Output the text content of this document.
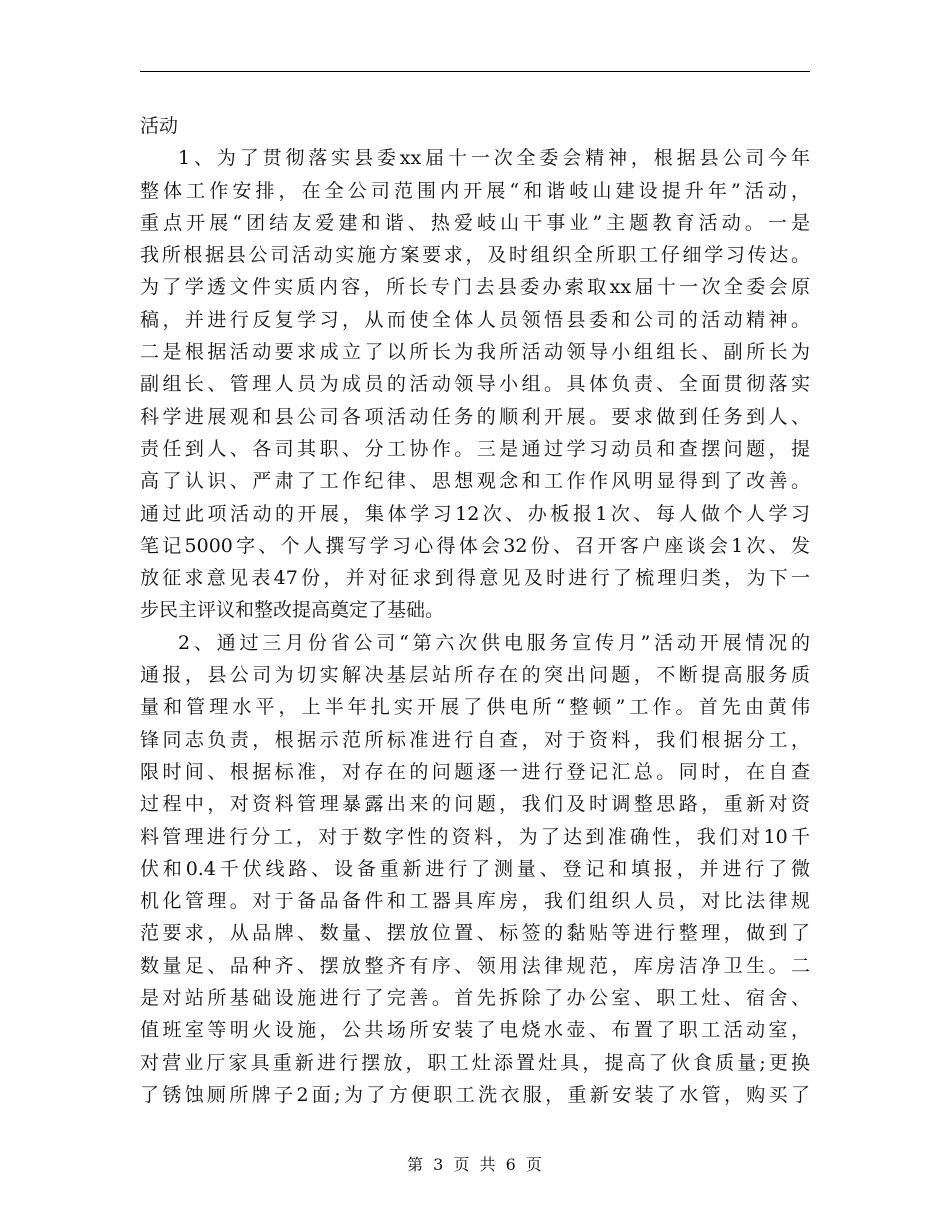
活动
1、为了贯彻落实县委xx届十一次全委会精神，根据县公司今年
整体工作安排，在全公司范围内开展“和谐岐山建设提升年”活动，
重点开展“团结友爱建和谐、热爱岐山干事业”主题教育活动。一是
我所根据县公司活动实施方案要求，及时组织全所职工仔细学习传达。
为了学透文件实质内容，所长专门去县委办索取xx届十一次全委会原
稿，并进行反复学习，从而使全体人员领悟县委和公司的活动精神。
二是根据活动要求成立了以所长为我所活动领导小组组长、副所长为
副组长、管理人员为成员的活动领导小组。具体负责、全面贯彻落实
科学进展观和县公司各项活动任务的顺利开展。要求做到任务到人、
责任到人、各司其职、分工协作。三是通过学习动员和查摆问题，提
高了认识、严肃了工作纪律、思想观念和工作作风明显得到了改善。
通过此项活动的开展，集体学习12次、办板报1次、每人做个人学习
笔记5000字、个人撰写学习心得体会32份、召开客户座谈会1次、发
放征求意见表47份，并对征求到得意见及时进行了梳理归类，为下一
步民主评议和整改提高奠定了基础。
2、通过三月份省公司“第六次供电服务宣传月”活动开展情况的
通报，县公司为切实解决基层站所存在的突出问题，不断提高服务质
量和管理水平，上半年扎实开展了供电所“整顿”工作。首先由黄伟
锋同志负责，根据示范所标准进行自查，对于资料，我们根据分工，
限时间、根据标准，对存在的问题逐一进行登记汇总。同时，在自查
过程中，对资料管理暴露出来的问题，我们及时调整思路，重新对资
料管理进行分工，对于数字性的资料，为了达到准确性，我们对10千
伏和0.4千伏线路、设备重新进行了测量、登记和填报，并进行了微
机化管理。对于备品备件和工器具库房，我们组织人员，对比法律规
范要求，从品牌、数量、摆放位置、标签的黏贴等进行整理，做到了
数量足、品种齐、摆放整齐有序、领用法律规范，库房洁净卫生。二
是对站所基础设施进行了完善。首先拆除了办公室、职工灶、宿舍、
值班室等明火设施，公共场所安装了电烧水壶、布置了职工活动室，
对营业厅家具重新进行摆放，职工灶添置灶具，提高了伙食质量;更换
了锈蚀厕所牌子2面;为了方便职工洗衣服，重新安装了水管，购买了
第 3 页 共 6 页
